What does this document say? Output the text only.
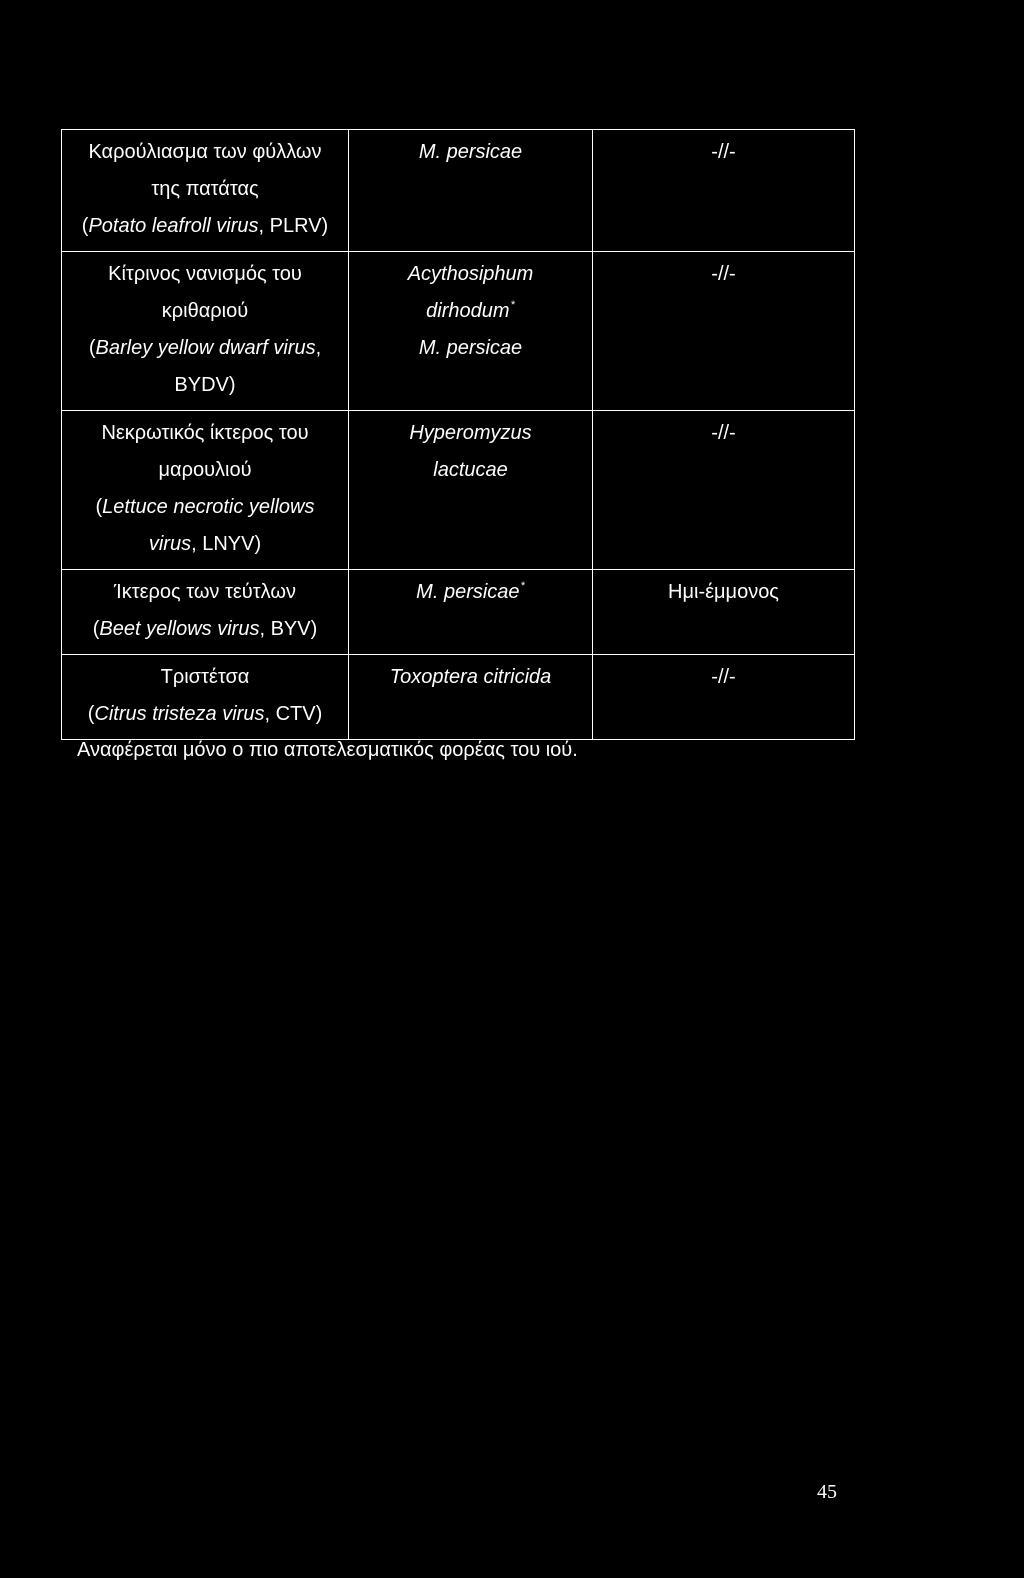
Καρούλιασμα των φύλλων
της πατάτας
(Potato leafroll virus, PLRV)	M. persicae	-//-

Κίτρινος νανισμός του
κριθαριού
(Barley yellow dwarf virus,
BYDV)	Acythosiphum
dirhodum*
M. persicae	-//-

Νεκρωτικός ίκτερος του
μαρουλιού
(Lettuce necrotic yellows
virus, LNYV)	Hyperomyzus
lactucae	-//-

Ίκτερος των τεύτλων
(Beet yellows virus, BYV)	M. persicae*	Ημι-έμμονος

Τριστέτσα
(Citrus tristeza virus, CTV)	Toxoptera citricida	-//-
Αναφέρεται μόνο ο πιο αποτελεσματικός φορέας του ιού.
45
